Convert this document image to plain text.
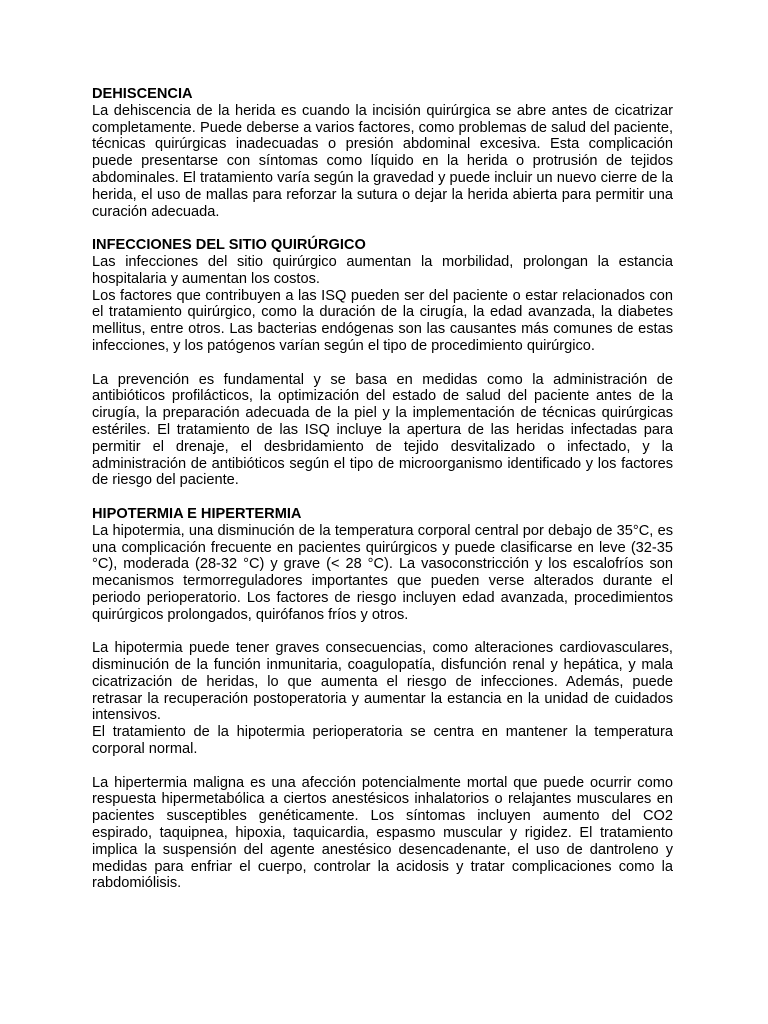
DEHISCENCIA
La dehiscencia de la herida es cuando la incisión quirúrgica se abre antes de cicatrizar completamente. Puede deberse a varios factores, como problemas de salud del paciente, técnicas quirúrgicas inadecuadas o presión abdominal excesiva. Esta complicación puede presentarse con síntomas como líquido en la herida o protrusión de tejidos abdominales. El tratamiento varía según la gravedad y puede incluir un nuevo cierre de la herida, el uso de mallas para reforzar la sutura o dejar la herida abierta para permitir una curación adecuada.
INFECCIONES DEL SITIO QUIRÚRGICO
Las infecciones del sitio quirúrgico aumentan la morbilidad, prolongan la estancia hospitalaria y aumentan los costos.
Los factores que contribuyen a las ISQ pueden ser del paciente o estar relacionados con el tratamiento quirúrgico, como la duración de la cirugía, la edad avanzada, la diabetes mellitus, entre otros. Las bacterias endógenas son las causantes más comunes de estas infecciones, y los patógenos varían según el tipo de procedimiento quirúrgico.
La prevención es fundamental y se basa en medidas como la administración de antibióticos profilácticos, la optimización del estado de salud del paciente antes de la cirugía, la preparación adecuada de la piel y la implementación de técnicas quirúrgicas estériles. El tratamiento de las ISQ incluye la apertura de las heridas infectadas para permitir el drenaje, el desbridamiento de tejido desvitalizado o infectado, y la administración de antibióticos según el tipo de microorganismo identificado y los factores de riesgo del paciente.
HIPOTERMIA E HIPERTERMIA
La hipotermia, una disminución de la temperatura corporal central por debajo de 35°C, es una complicación frecuente en pacientes quirúrgicos y puede clasificarse en leve (32-35 °C), moderada (28-32 °C) y grave (< 28 °C). La vasoconstricción y los escalofríos son mecanismos termorreguladores importantes que pueden verse alterados durante el periodo perioperatorio. Los factores de riesgo incluyen edad avanzada, procedimientos quirúrgicos prolongados, quirófanos fríos y otros.
La hipotermia puede tener graves consecuencias, como alteraciones cardiovasculares, disminución de la función inmunitaria, coagulopatía, disfunción renal y hepática, y mala cicatrización de heridas, lo que aumenta el riesgo de infecciones. Además, puede retrasar la recuperación postoperatoria y aumentar la estancia en la unidad de cuidados intensivos.
El tratamiento de la hipotermia perioperatoria se centra en mantener la temperatura corporal normal.
La hipertermia maligna es una afección potencialmente mortal que puede ocurrir como respuesta hipermetabólica a ciertos anestésicos inhalatorios o relajantes musculares en pacientes susceptibles genéticamente. Los síntomas incluyen aumento del CO2 espirado, taquipnea, hipoxia, taquicardia, espasmo muscular y rigidez. El tratamiento implica la suspensión del agente anestésico desencadenante, el uso de dantroleno y medidas para enfriar el cuerpo, controlar la acidosis y tratar complicaciones como la rabdomiólisis.
